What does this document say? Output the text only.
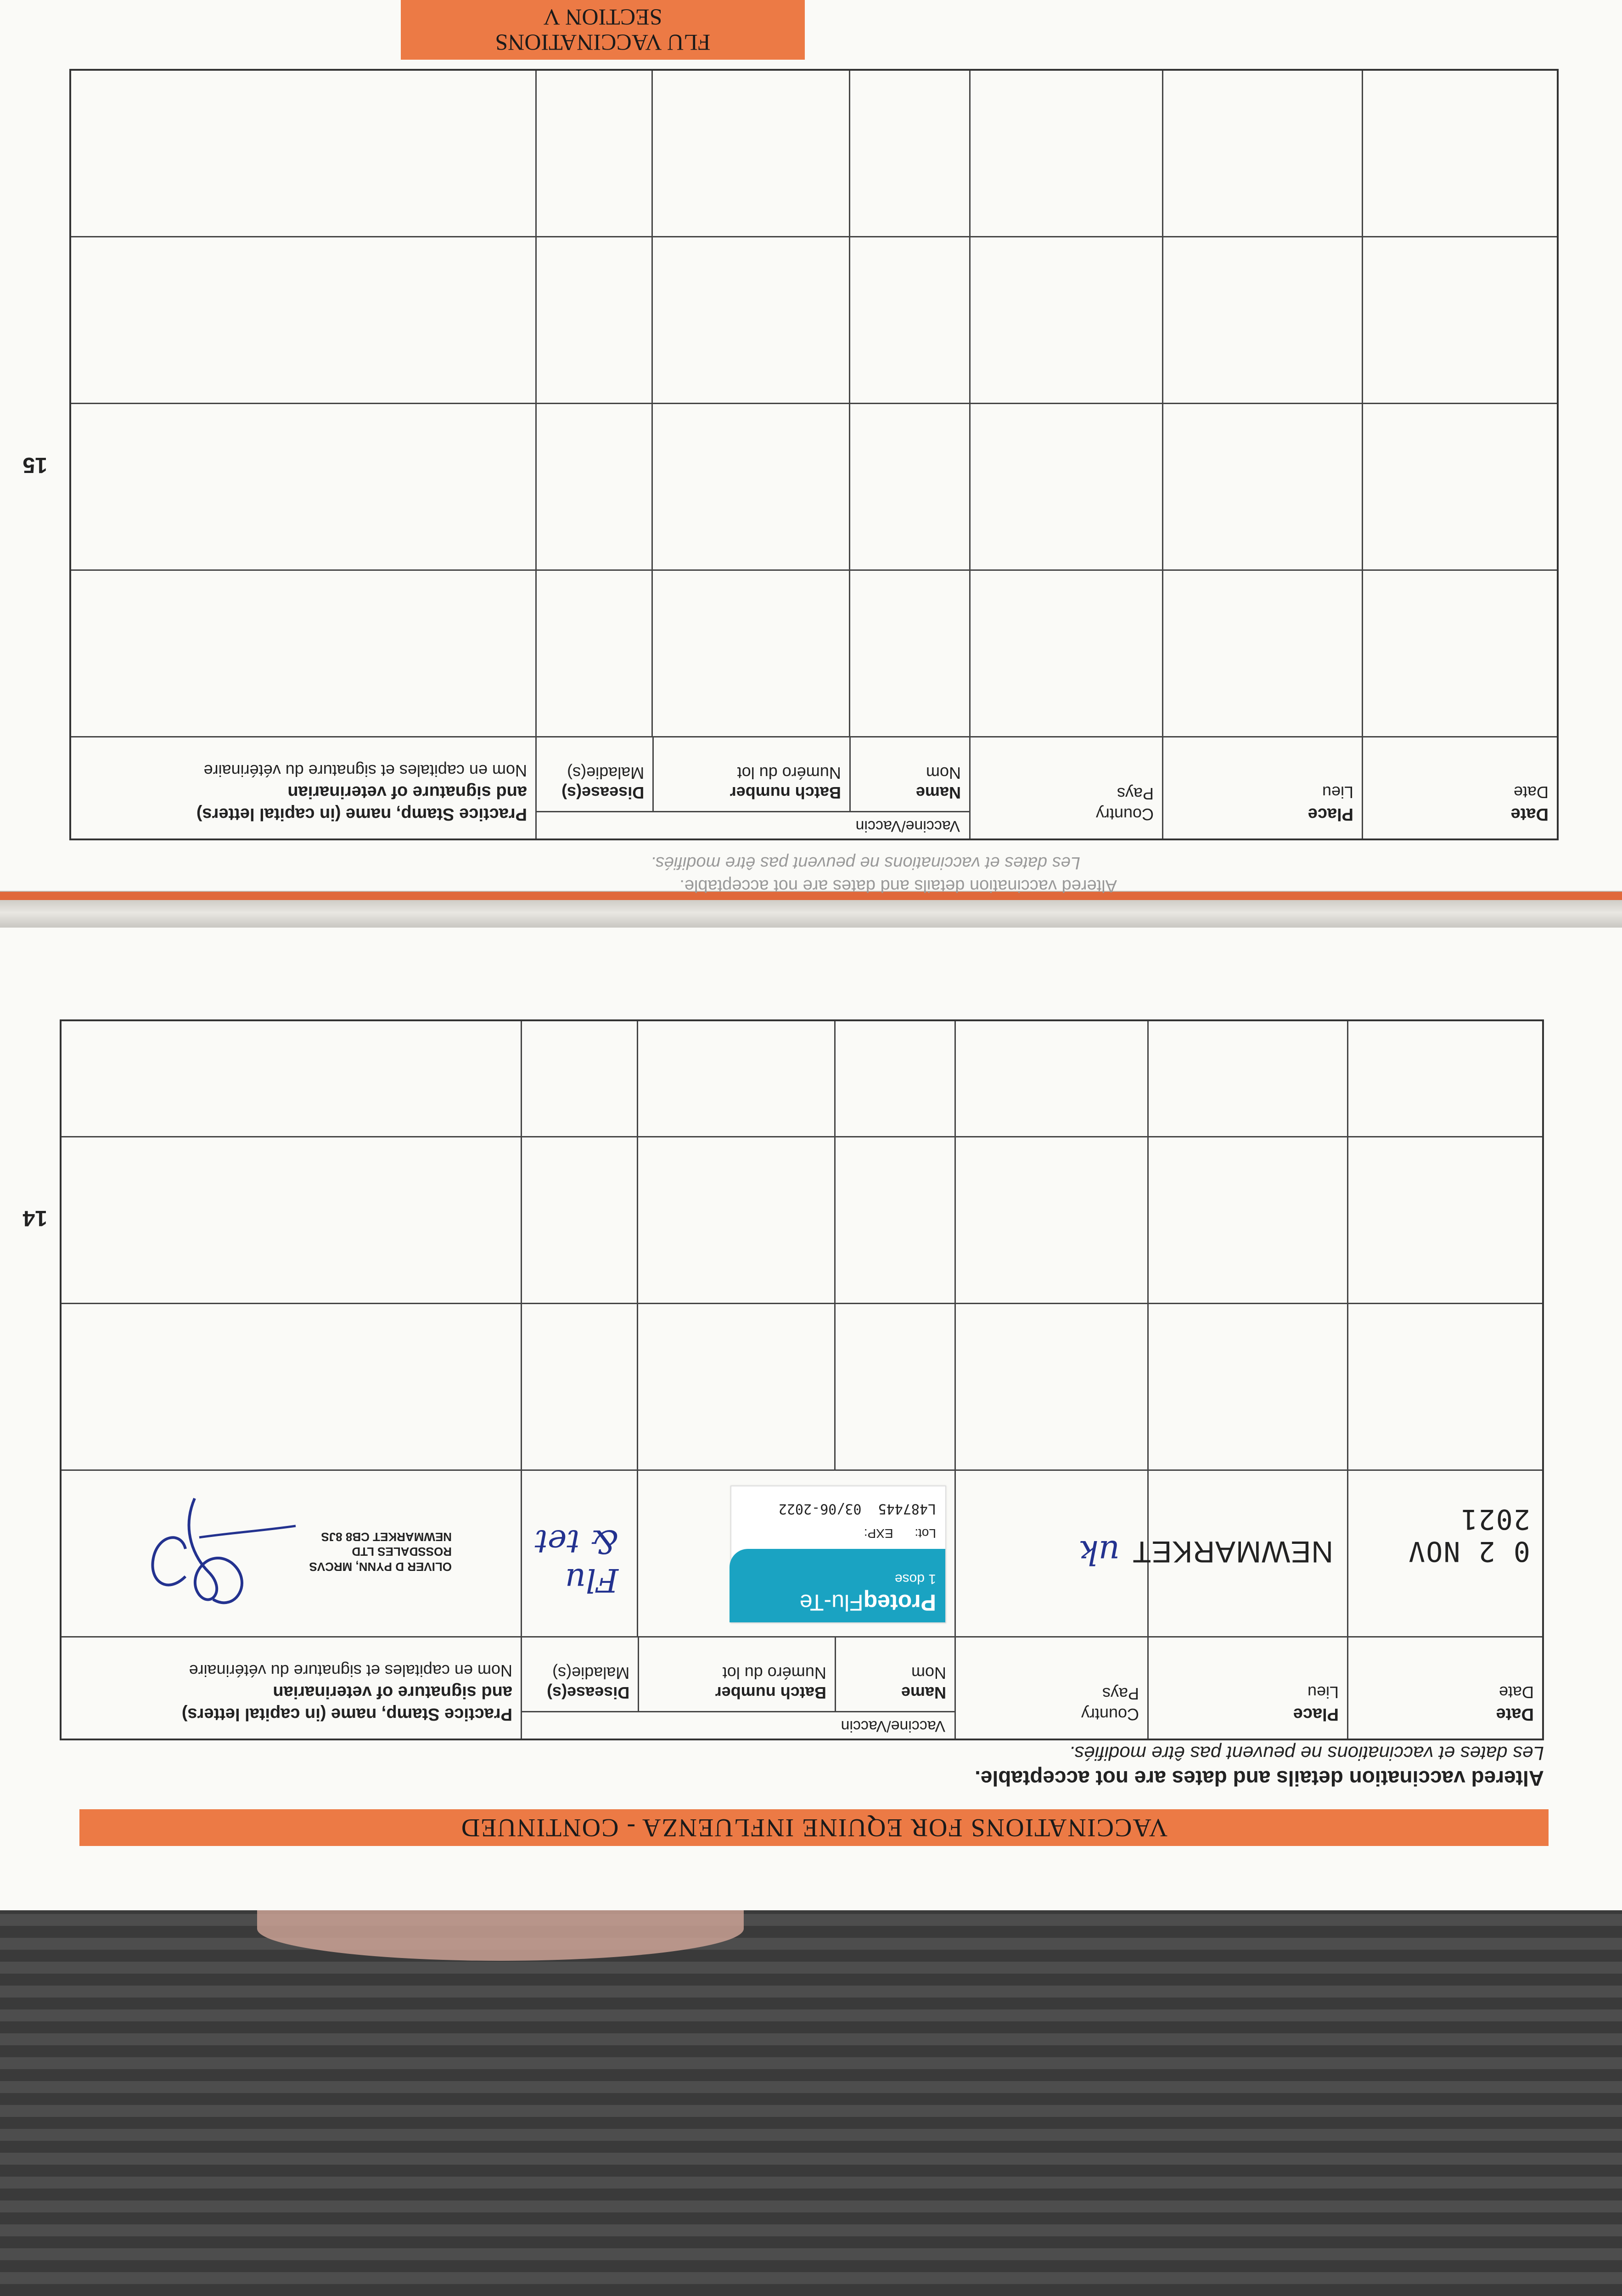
VACCINATIONS FOR EQUINE INFLUENZA - CONTINUED
Altered vaccination details and dates are not acceptable.
Les dates et vaccinations ne peuvent pas être modifiés.
Date
Date
Place
Lieu
Country
Pays
Vaccine/Vaccin
Name
Nom
Batch number
Numéro du lot
Disease(s)
Maladie(s)
Practice Stamp, name (in capital letters)
and signature of veterinarian
Nom en capitales et signature du vétérinaire
0 2 NOV 2021
NEWMARKET
uk
ProteqFlu-Te
1 dose
Lot:      EXP:
L487445  03/06-2022
Flu
& tet
OLIVER D PYNN, MRCVS
ROSSDALES LTD
NEWMARKET CB8 8JS
14
Altered vaccination details and dates are not acceptable.
Les dates et vaccinations ne peuvent pas être modifiés.
Date
Date
Place
Lieu
Country
Pays
Vaccine/Vaccin
Name
Nom
Batch number
Numéro du lot
Disease(s)
Maladie(s)
Practice Stamp, name (in capital letters)
and signature of veterinarian
Nom en capitales et signature du vétérinaire
15
FLU VACCINATIONS
SECTION V
